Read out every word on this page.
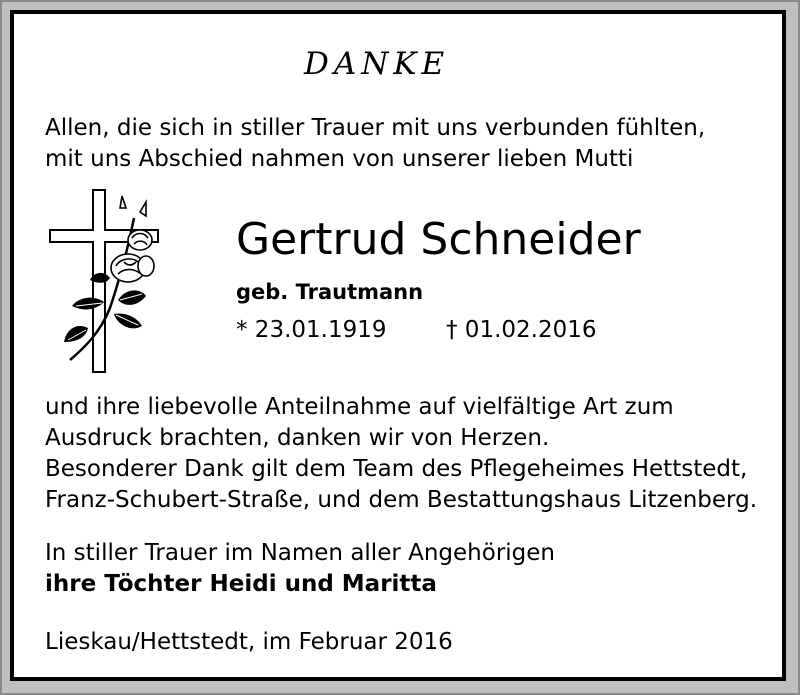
DANKE
Allen, die sich in stiller Trauer mit uns verbunden fühlten,
mit uns Abschied nahmen von unserer lieben Mutti
Gertrud Schneider
geb. Trautmann
* 23.01.1919	† 01.02.2016
und ihre liebevolle Anteilnahme auf vielfältige Art zum
Ausdruck brachten, danken wir von Herzen.
Besonderer Dank gilt dem Team des Pflegeheimes Hettstedt,
Franz-Schubert-Straße, und dem Bestattungshaus Litzenberg.
In stiller Trauer im Namen aller Angehörigen
ihre Töchter Heidi und Maritta
Lieskau/Hettstedt, im Februar 2016
